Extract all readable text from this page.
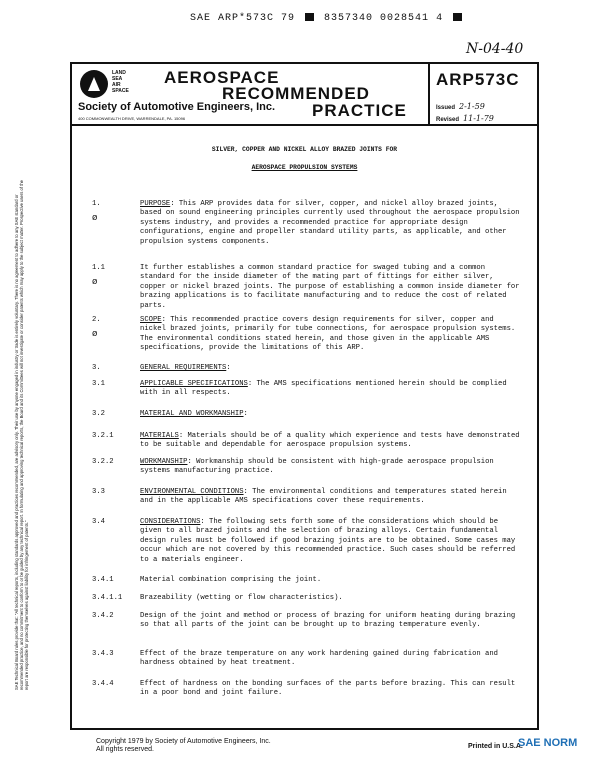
SAE ARP*573C 79	8357340 0028541 4
N-04-40
LAND
SEA
AIR
SPACE
AEROSPACE
RECOMMENDED
PRACTICE
Society of Automotive Engineers, Inc.
400 COMMONWEALTH DRIVE, WARRENDALE, PA. 15096
ARP573C
Issued 2-1-59
Revised 11-1-79
SILVER, COPPER AND NICKEL ALLOY BRAZED JOINTS FOR
AEROSPACE PROPULSION SYSTEMS
1.
ø
PURPOSE: This ARP provides data for silver, copper, and nickel alloy brazed joints, based on sound engineering principles currently used throughout the aerospace propulsion systems industry, and provides a recommended practice for appropriate design configurations, engine and propeller standard utility parts, as applicable, and other propulsion systems components.
1.1
ø
It further establishes a common standard practice for swaged tubing and a common standard for the inside diameter of the mating part of fittings for either silver, copper or nickel brazed joints. The purpose of establishing a common inside diameter for brazing applications is to facilitate manufacturing and to reduce the cost of related parts.
2.
ø
SCOPE: This recommended practice covers design requirements for silver, copper and nickel brazed joints, primarily for tube connections, for aerospace propulsion systems. The environmental conditions stated herein, and those given in the applicable AMS specifications, provide the limitations of this ARP.
3.	GENERAL REQUIREMENTS:
3.1	APPLICABLE SPECIFICATIONS: The AMS specifications mentioned herein should be complied with in all respects.
3.2	MATERIAL AND WORKMANSHIP:
3.2.1	MATERIALS: Materials should be of a quality which experience and tests have demonstrated to be suitable and dependable for aerospace propulsion systems.
3.2.2	WORKMANSHIP: Workmanship should be consistent with high-grade aerospace propulsion systems manufacturing practice.
3.3	ENVIRONMENTAL CONDITIONS: The environmental conditions and temperatures stated herein and in the applicable AMS specifications cover these requirements.
3.4	CONSIDERATIONS: The following sets forth some of the considerations which should be given to all brazed joints and the selection of brazing alloys. Certain fundamental design rules must be followed if good brazing joints are to be obtained. Some cases may occur which are not covered by this recommended practice. Such cases should be referred to a materials engineer.
3.4.1	Material combination comprising the joint.
3.4.1.1 Brazeability (wetting or flow characteristics).
3.4.2	Design of the joint and method or process of brazing for uniform heating during brazing so that all parts of the joint can be brought up to brazing temperature evenly.
3.4.3	Effect of the braze temperature on any work hardening gained during fabrication and hardness obtained by heat treatment.
3.4.4	Effect of hardness on the bonding surfaces of the parts before brazing. This can result in a poor bond and joint failure.
SAE Technical Board rules provide that: "All technical reports, including standards approved and practices recommended, are advisory only. Their use by anyone engaged in industry or trade is entirely voluntary. There is no agreement to adhere to any SAE standard or recommended practice, and no commitment to conform to or be guided by any technical report. In formulating and approving technical reports, the Board and its Committees will not investigate or consider patents which may apply to the subject matter. Prospective users of the report are responsible for protecting themselves against liability for infringement of patents."
Copyright 1979 by Society of Automotive Engineers, Inc.
All rights reserved.	Printed in U.S.A.
SAE NORM
